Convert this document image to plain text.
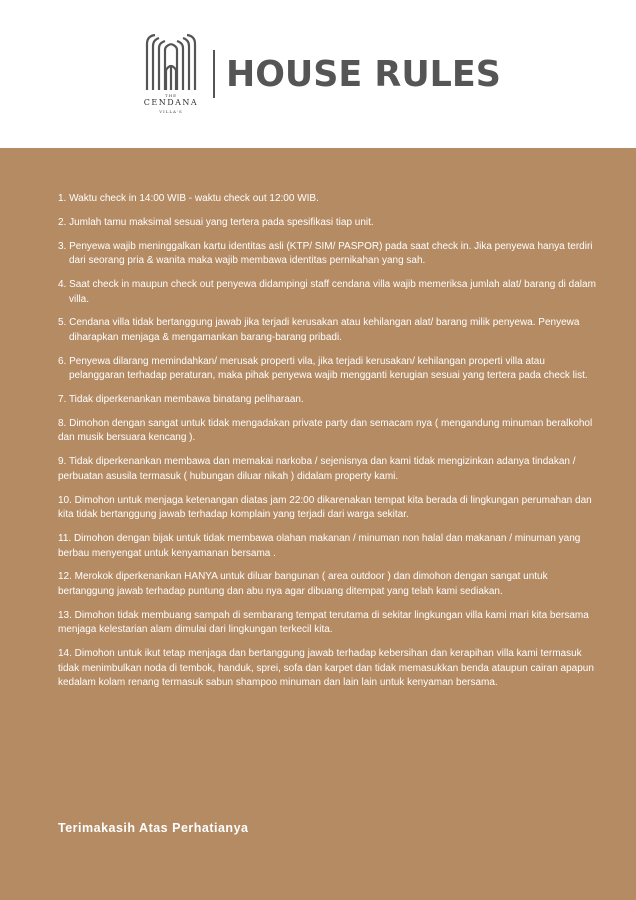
THE
CENDANA
VILLA'S
HOUSE RULES
1. Waktu check in 14:00 WIB - waktu check out 12:00 WIB.
2. Jumlah tamu maksimal sesuai yang tertera pada spesifikasi tiap unit.
3. Penyewa wajib meninggalkan kartu identitas asli (KTP/ SIM/ PASPOR) pada saat check in. Jika penyewa hanya terdiri dari seorang pria & wanita maka wajib membawa identitas pernikahan yang sah.
4. Saat check in maupun check out penyewa didampingi staff cendana villa wajib memeriksa jumlah alat/ barang di dalam villa.
5. Cendana villa tidak bertanggung jawab jika terjadi kerusakan atau kehilangan alat/ barang milik penyewa. Penyewa diharapkan menjaga & mengamankan barang-barang pribadi.
6. Penyewa dilarang memindahkan/ merusak properti vila, jika terjadi kerusakan/ kehilangan properti villa atau pelanggaran terhadap peraturan, maka pihak penyewa wajib mengganti kerugian sesuai yang tertera pada check list.
7. Tidak diperkenankan membawa binatang peliharaan.
8. Dimohon dengan sangat untuk tidak mengadakan private party dan semacam nya ( mengandung minuman beralkohol dan musik bersuara kencang ).
9. Tidak diperkenankan membawa dan memakai narkoba / sejenisnya dan kami tidak mengizinkan adanya tindakan / perbuatan asusila termasuk ( hubungan diluar nikah ) didalam property kami.
10. Dimohon untuk menjaga ketenangan diatas jam 22:00 dikarenakan tempat kita berada di lingkungan perumahan dan kita tidak bertanggung jawab terhadap komplain yang terjadi dari warga sekitar.
11. Dimohon dengan bijak untuk tidak membawa olahan makanan / minuman non halal dan makanan / minuman yang berbau menyengat untuk kenyamanan bersama .
12. Merokok diperkenankan HANYA untuk diluar bangunan ( area outdoor ) dan dimohon dengan sangat untuk bertanggung jawab terhadap puntung dan abu nya agar dibuang ditempat yang telah kami sediakan.
13. Dimohon tidak membuang sampah di sembarang tempat terutama di sekitar lingkungan villa kami mari kita bersama menjaga kelestarian alam dimulai dari lingkungan terkecil kita.
14. Dimohon untuk ikut tetap menjaga dan bertanggung jawab terhadap kebersihan dan kerapihan villa kami termasuk tidak menimbulkan noda di tembok, handuk, sprei, sofa dan karpet dan tidak memasukkan benda ataupun cairan apapun kedalam kolam renang termasuk sabun shampoo minuman dan lain lain untuk kenyaman bersama.
Terimakasih Atas Perhatianya
